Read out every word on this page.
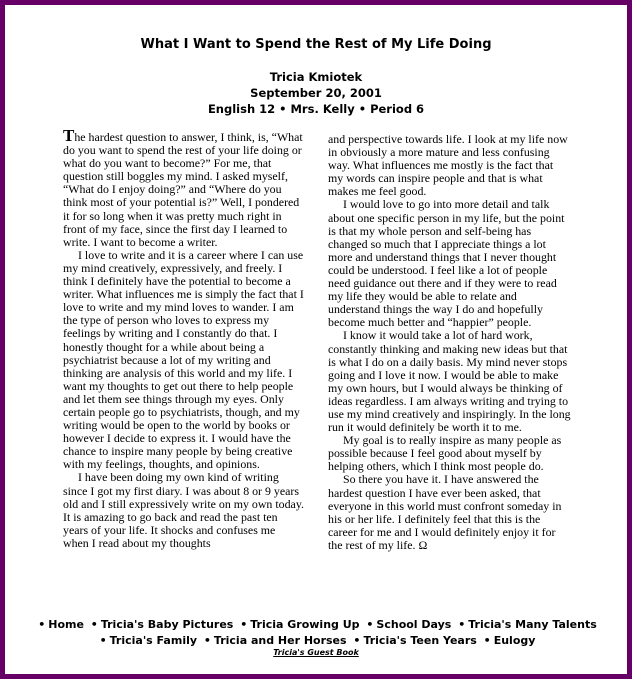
What I Want to Spend the Rest of My Life Doing
Tricia Kmiotek
September 20, 2001
English 12 • Mrs. Kelly • Period 6

The hardest question to answer, I think, is, “What do you want to spend the rest of your life doing or what do you want to become?” For me, that question still boggles my mind. I asked myself, “What do I enjoy doing?” and “Where do you think most of your potential is?” Well, I pondered it for so long when it was pretty much right in front of my face, since the first day I learned to write. I want to become a writer.

I love to write and it is a career where I can use my mind creatively, expressively, and freely. I think I definitely have the potential to become a writer. What influences me is simply the fact that I love to write and my mind loves to wander. I am the type of person who loves to express my feelings by writing and I constantly do that. I honestly thought for a while about being a psychiatrist because a lot of my writing and thinking are analysis of this world and my life. I want my thoughts to get out there to help people and let them see things through my eyes. Only certain people go to psychiatrists, though, and my writing would be open to the world by books or however I decide to express it. I would have the chance to inspire many people by being creative with my feelings, thoughts, and opinions.

I have been doing my own kind of writing since I got my first diary. I was about 8 or 9 years old and I still expressively write on my own today. It is amazing to go back and read the past ten years of your life. It shocks and confuses me when I read about my thoughts

and perspective towards life. I look at my life now in obviously a more mature and less confusing way. What influences me mostly is the fact that my words can inspire people and that is what makes me feel good.

I would love to go into more detail and talk about one specific person in my life, but the point is that my whole person and self-being has changed so much that I appreciate things a lot more and understand things that I never thought could be understood. I feel like a lot of people need guidance out there and if they were to read my life they would be able to relate and understand things the way I do and hopefully become much better and “happier” people.

I know it would take a lot of hard work, constantly thinking and making new ideas but that is what I do on a daily basis. My mind never stops going and I love it now. I would be able to make my own hours, but I would always be thinking of ideas regardless. I am always writing and trying to use my mind creatively and inspiringly. In the long run it would definitely be worth it to me.

My goal is to really inspire as many people as possible because I feel good about myself by helping others, which I think most people do.

So there you have it. I have answered the hardest question I have ever been asked, that everyone in this world must confront someday in his or her life. I definitely feel that this is the career for me and I would definitely enjoy it for the rest of my life. Ω

• Home • Tricia's Baby Pictures • Tricia Growing Up • School Days • Tricia's Many Talents
• Tricia's Family • Tricia and Her Horses • Tricia's Teen Years • Eulogy
Tricia's Guest Book
